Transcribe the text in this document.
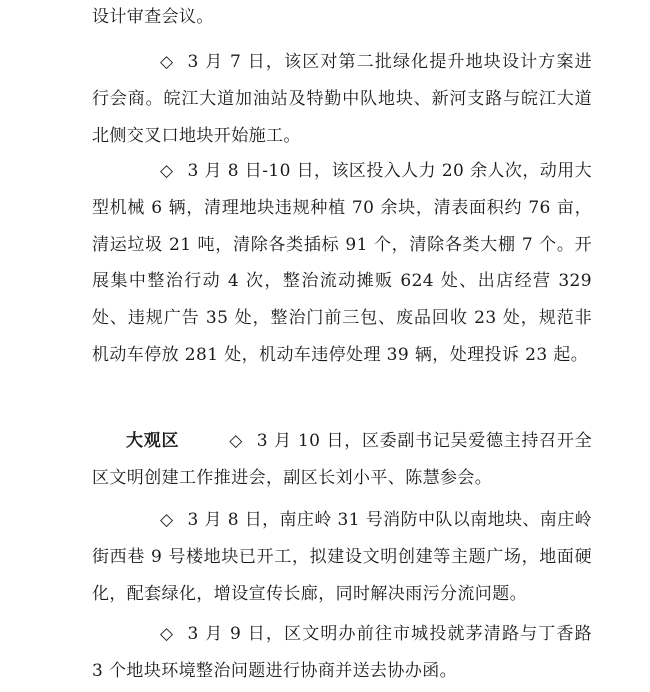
设计审查会议。

◇ 3 月 7 日，该区对第二批绿化提升地块设计方案进行会商。皖江大道加油站及特勤中队地块、新河支路与皖江大道北侧交叉口地块开始施工。

◇ 3 月 8 日-10 日，该区投入人力 20 余人次，动用大型机械 6 辆，清理地块违规种植 70 余块，清表面积约 76 亩，清运垃圾 21 吨，清除各类插标 91 个，清除各类大棚 7 个。开展集中整治行动 4 次，整治流动摊贩 624 处、出店经营 329 处、违规广告 35 处，整治门前三包、废品回收 23 处，规范非机动车停放 281 处，机动车违停处理 39 辆，处理投诉 23 起。

大观区	◇ 3 月 10 日，区委副书记吴爱德主持召开全区文明创建工作推进会，副区长刘小平、陈慧参会。

◇ 3 月 8 日，南庄岭 31 号消防中队以南地块、南庄岭街西巷 9 号楼地块已开工，拟建设文明创建等主题广场，地面硬化，配套绿化，增设宣传长廊，同时解决雨污分流问题。

◇ 3 月 9 日，区文明办前往市城投就茅清路与丁香路 3 个地块环境整治问题进行协商并送去协办函。
